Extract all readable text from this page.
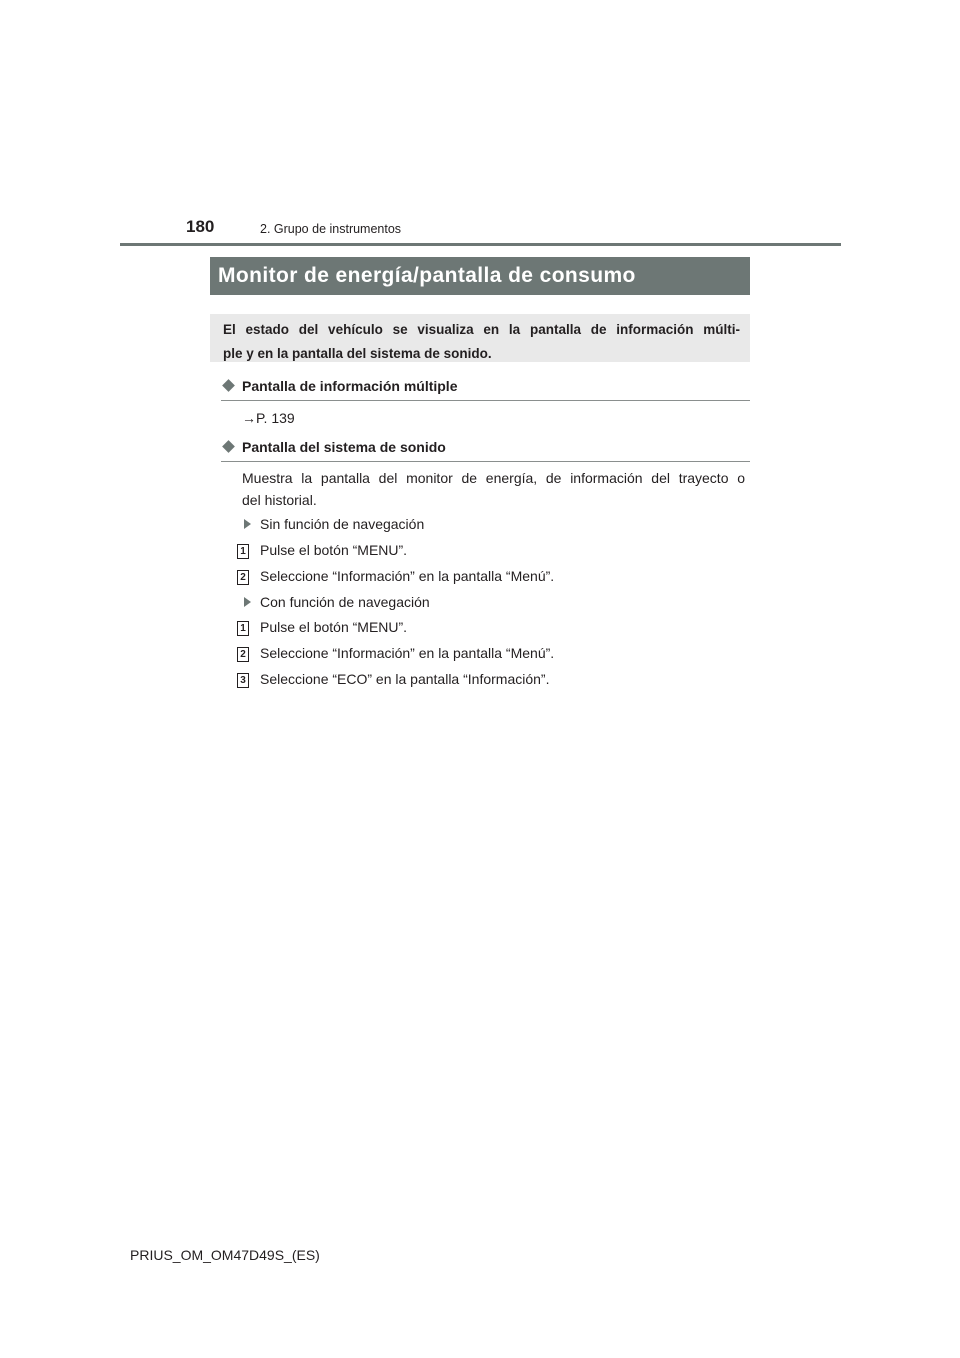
180	2. Grupo de instrumentos
Monitor de energía/pantalla de consumo
El estado del vehículo se visualiza en la pantalla de información múlti-
ple y en la pantalla del sistema de sonido.
Pantalla de información múltiple
→P. 139
Pantalla del sistema de sonido
Muestra la pantalla del monitor de energía, de información del trayecto o
del historial.
Sin función de navegación
1 Pulse el botón “MENU”.
2 Seleccione “Información” en la pantalla “Menú”.
Con función de navegación
1 Pulse el botón “MENU”.
2 Seleccione “Información” en la pantalla “Menú”.
3 Seleccione “ECO” en la pantalla “Información”.
PRIUS_OM_OM47D49S_(ES)
